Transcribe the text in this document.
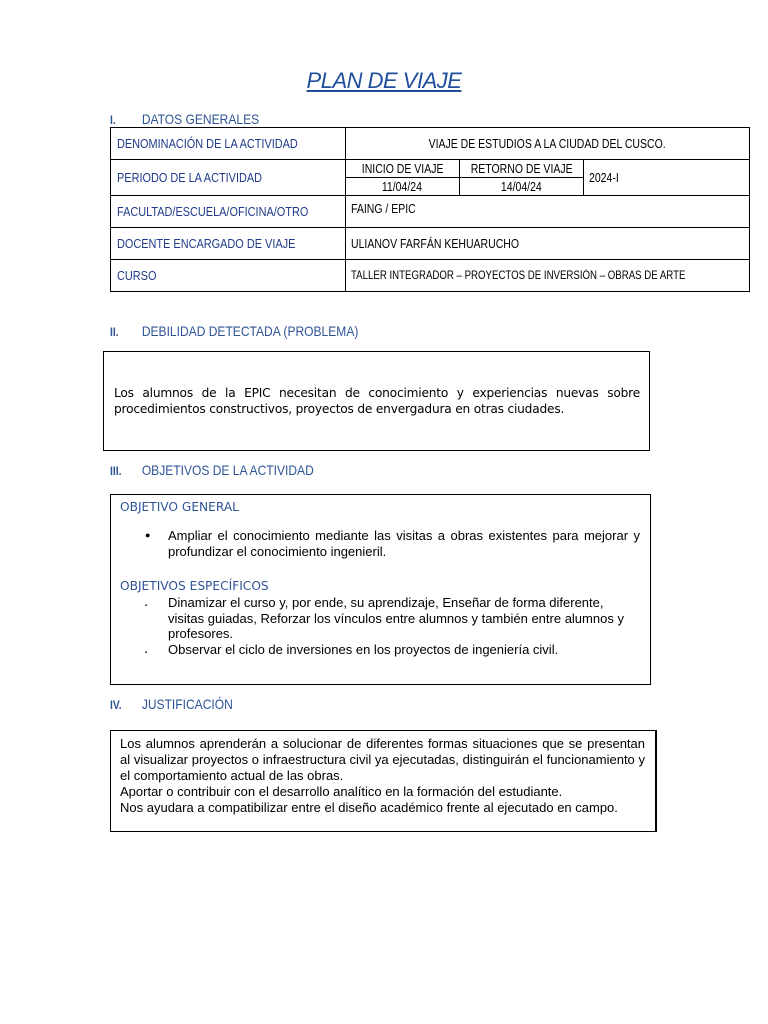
PLAN DE VIAJE
I. DATOS GENERALES
DENOMINACIÓN DE LA ACTIVIDAD	VIAJE DE ESTUDIOS A LA CIUDAD DEL CUSCO.		
PERIODO DE LA ACTIVIDAD	INICIO DE VIAJE	RETORNO DE VIAJE	2024-I
	11/04/24	14/04/24	
FACULTAD/ESCUELA/OFICINA/OTRO	FAING / EPIC		
DOCENTE ENCARGADO DE VIAJE	ULIANOV FARFÁN KEHUARUCHO		
CURSO	TALLER INTEGRADOR – PROYECTOS DE INVERSIÓN – OBRAS DE ARTE		
II. DEBILIDAD DETECTADA (PROBLEMA)
Los alumnos de la EPIC necesitan de conocimiento y experiencias nuevas sobre procedimientos constructivos, proyectos de envergadura en otras ciudades.
III. OBJETIVOS DE LA ACTIVIDAD
OBJETIVO GENERAL
● Ampliar el conocimiento mediante las visitas a obras existentes para mejorar y profundizar el conocimiento ingenieril.
OBJETIVOS ESPECÍFICOS
▪ Dinamizar el curso y, por ende, su aprendizaje, Enseñar de forma diferente, visitas guiadas, Reforzar los vínculos entre alumnos y también entre alumnos y profesores.
▪ Observar el ciclo de inversiones en los proyectos de ingeniería civil.
IV. JUSTIFICACIÓN
Los alumnos aprenderán a solucionar de diferentes formas situaciones que se presentan al visualizar proyectos o infraestructura civil ya ejecutadas, distinguirán el funcionamiento y el comportamiento actual de las obras.
Aportar o contribuir con el desarrollo analítico en la formación del estudiante.
Nos ayudara a compatibilizar entre el diseño académico frente al ejecutado en campo.
